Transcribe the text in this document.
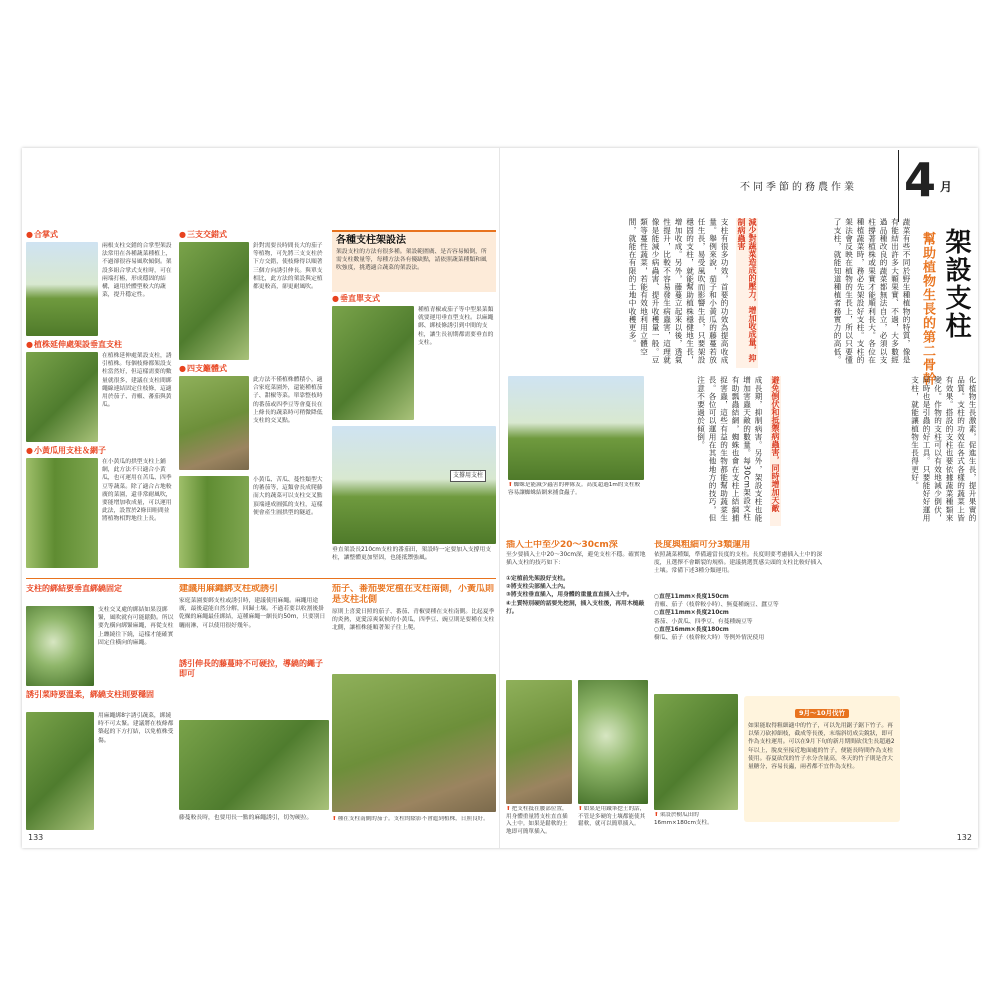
● 合掌式
兩根支柱交錯的合掌型架設法常用在各種蔬菜種植上，不過卻很容易風吹傾倒。架設多組合掌式支柱時，可在兩端打樁，形成穩固的結構，適用於體型較大的蔬菜，提升穩定性。
● 植株延伸處架設垂直支柱
在植株延伸處架設支柱，誘引植株。每個枝條都架設支柱當然好，但這樣需要的數量就很多，建議在支柱間綁繩線連結固定住枝條，這適用於茄子、青椒、蕃茄與黃瓜。
● 小黃瓜用支柱＆網子
在小黃瓜的拱型支柱上鋪網，此方法不只適合小黃瓜，也可運用在苦瓜、四季豆等蔬菜。除了適合占地較廣的菜園，還非常耐風吹，要能增加收成量，可以運用此法，設置於2條田畦間並將植物相對地往上長。
● 三支交錯式
針對需要長時間長大的茄子等植物，可先將三支支柱於下方交錯，使枝條得以順著三個方向誘引伸長。與單支相比，此方法的架設與定植都更較高，卻更耐風吹。
● 四支籬體式
此方法不僅植株體積小，適合家庭菜園外，還能種植茄子、甜椒等菜。單靠整枝時的番茄或四季豆等會蔓長在上條長的蔬菜時可稍微降低支柱的交叉點。
小黃瓜、苦瓜、蔓性類型大的蕃茄等，這類會長成爬藤而大的蔬菜可以支柱交叉點頂端連成圓弧的支柱，這樣便會產生圓拱型的隧道。
各種支柱架設法
架設支柱的方法有很多種。架設範圍廣、是否容易傾倒，所需支柱數量等，每種方法各有優缺點，請依照蔬菜種類和風吹強度，挑選適合蔬菜的架設法。
● 垂直單支式
種植青椒或茄子等中型果菜類就要運用垂直型支柱。以麻繩綁、綁枝條誘引到中間的支柱，讓生長初期都需要垂直的支柱。
支撐用支柱
垂直架設長210cm支柱的番茄田，架設時一定要加入支撐用支柱，讓整體更加堅固，也能抵禦強風。
支柱的綁結要垂直綁繞固定
支柱交叉處的綁結如果沒綁緊，風吹就有可能鬆動。所以要先橫向綁緊麻繩，再從支柱上纏繞往下繞，這樣才能確實固定住橫向的麻繩。
誘引菜時要溫柔，綁繞支柱則要穩固
用麻繩綁8字誘引蔬菜，綁繞時不可太緊。建議將在枝條都築起的下方打結，以免植株受傷。
建議用麻繩綁支柱或誘引
家庭菜園要綁支柱或誘引時，建議使用麻繩。麻繩用途廣，最後還能自然分解，回歸土壤。不過若要以收割後掛乾燥的麻繩最佳綁結，這種麻繩一綑長約50m，只要別日曬雨淋，可以使用很好幾年。
誘引伸長的藤蔓時不可硬拉，導繞的繩子即可
藤蔓較長時，也要用長一點的麻繩誘引，切勿硬拉。
茄子、番茄要定植在支柱南側，小黃瓜則是支柱北側
原則上喜愛日照的茄子、番茄、青椒要種在支柱南側。比起夏季的炎熱，更愛涼爽氣候的小黃瓜，四季豆、豌豆則是要種在支柱北側，讓植株能順著架子往上爬。
⬆ 種在支柱南側的茄子。支柱的陰影不會遮到植株，日照良好。
133
不同季節的務農作業 4 月
架設支柱
幫助植物生長的第二骨幹
蔬菜有些不同於野生種植物的特質，像是有能結出許多大顆果實、不過，大多數經過品種改良的蔬菜都無法自立，必須以支柱撐著植株或果實才能順利長大。各位在種植蔬菜時，務必先架設好支柱。支柱的架法會反映在植物的生長上，所以只要懂了支柱，就能知道種植者務實力的高低。
減少對蔬菜造成的壓力，增加收成量，抑制病蟲害
支柱有很多功效，首要的功效為提高收成量。舉例來說，茄子和小黃瓜的藤蔓若放任生長，易受風吹而影響生長，只要架設穩固的支柱，就能幫助植株穩健地生長，增加收成。另外，藤蔓立起來以後，透氣性提升，比較不容易發生病蟲害，這理就像是能減少病蟲害、提升收穫量一般。豆類等蔓性蔬菜，若能有效地利用立體空間，就能在有限的土地中收穫更多。
化植物生長激素，促進生長，提升果實的品質。支柱的功效在各式各樣的蔬菜上皆有效果。搭設的支柱也要依據蔬菜種類來變化。作物的支柱可以有效地減少倒伏，同時也是引蟲的好工具。只要能好好運用支柱，就能讓植物生長得更好。
避免倒伏和抵禦病蟲害，同時增加天敵
成長期，抑制病害。另外，架設支柱也能增加害蟲天敵的數量。每30cm架設支柱有助瓢蟲結網，蜘蛛也會在支柱上結網捕捉害蟲，這些有益的生物都能幫助蔬菜生長。各位可以運用在其他地方的技巧，但注意不要過於傾倒。
⬆ 蜘蛛是能減少蟲害的神隊友。高度超過1m的支柱較容易讓蜘蛛結網來捕食蟲子。
插入土中至少20～30cm深
至少要插入土中20～30cm深，避免支柱不穩。確實地插入支柱的技巧如下：
①定植前先架設好支柱。
②將支柱尖部插入土內。
③將支柱垂直插入，用身體的重量直直插入土中。
④土質特別硬的話要先挖洞，插入支柱後，再用木槌敲打。
長度與粗細可分3類運用
依照蔬菜種類，準備適當長度的支柱。長度則要考慮插入土中的深度，且選擇不會斷裂的規格。建議挑選質感尖頭的支柱比較好插入土壤。常備下述3種分類運用。
○直徑11mm×長度150cm
青椒、茄子（枝幹較小時）、無蔓種豌豆、蠶豆等
○直徑11mm×長度210cm
番茄、小黃瓜、四季豆、有蔓種豌豆等
○直徑16mm×長度180cm
樹瓜、茄子（枝幹較大時）等例外情況使用
⬆ 把支柱抵在腰部位置，用身體重量將支柱直直插入土中。如果是鬆軟的土地即可簡單插入。
⬆ 如果是用鐵筆挖土的話，不管是多硬的土壤都能使其鬆軟，就可以簡單插入。
⬆ 架設於樹瓜田的16mm×180cm支柱。
9月～10月伐竹
如果能取得粗細適中的竹子，可以先用鋸子鋸下竹子。再以柴刀砍掉細枝，截成等長後，末端斜切成尖銳狀，即可作為支柱運用。可以在9月下旬的新月期間砍伐生長超過2年以上，脫皮至接近地面處的竹子，便能長時間作為支柱使用。春夏砍伐的竹子水分含量高，冬天的竹子則是含大量糖分，容易長蟲，兩者都不宜作為支柱。
132
